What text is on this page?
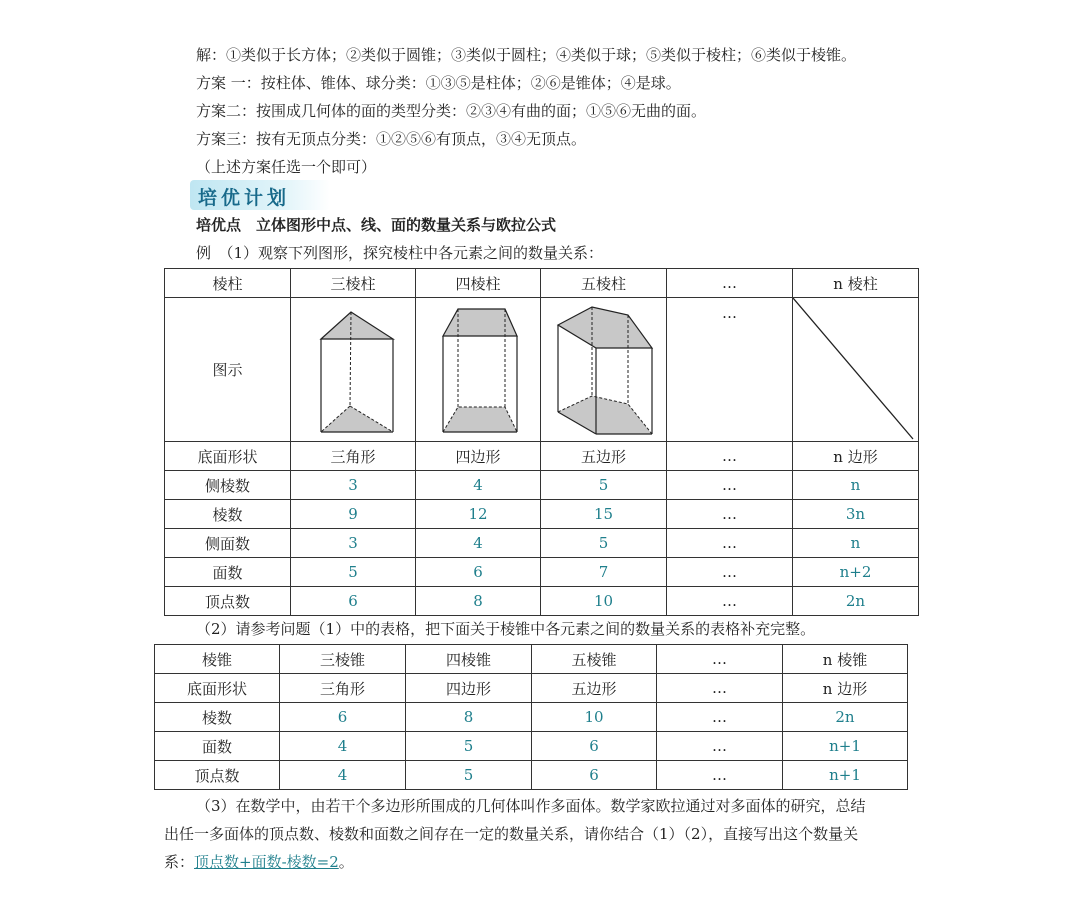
解：①类似于长方体；②类似于圆锥；③类似于圆柱；④类似于球；⑤类似于棱柱；⑥类似于棱锥。
方案 一：按柱体、锥体、球分类：①③⑤是柱体；②⑥是锥体；④是球。
方案二：按围成几何体的面的类型分类：②③④有曲的面；①⑤⑥无曲的面。
方案三：按有无顶点分类：①②⑤⑥有顶点，③④无顶点。
（上述方案任选一个即可）
培优计划
培优点　立体图形中点、线、面的数量关系与欧拉公式
例　（1）观察下列图形，探究棱柱中各元素之间的数量关系：
棱柱	三棱柱	四棱柱	五棱柱	…	n 棱柱
图示				…	

底面形状	三角形	四边形	五边形	…	n 边形
侧棱数	3	4	5	…	n
棱数	9	12	15	…	3n
侧面数	3	4	5	…	n
面数	5	6	7	…	n+2
顶点数	6	8	10	…	2n
（2）请参考问题（1）中的表格，把下面关于棱锥中各元素之间的数量关系的表格补充完整。
棱锥	三棱锥	四棱锥	五棱锥	…	n 棱锥
底面形状	三角形	四边形	五边形	…	n 边形
棱数	6	8	10	…	2n
面数	4	5	6	…	n+1
顶点数	4	5	6	…	n+1
（3）在数学中，由若干个多边形所围成的几何体叫作多面体。数学家欧拉通过对多面体的研究，总结
出任一多面体的顶点数、棱数和面数之间存在一定的数量关系，请你结合（1）（2），直接写出这个数量关
系：顶点数+面数-棱数=2。
